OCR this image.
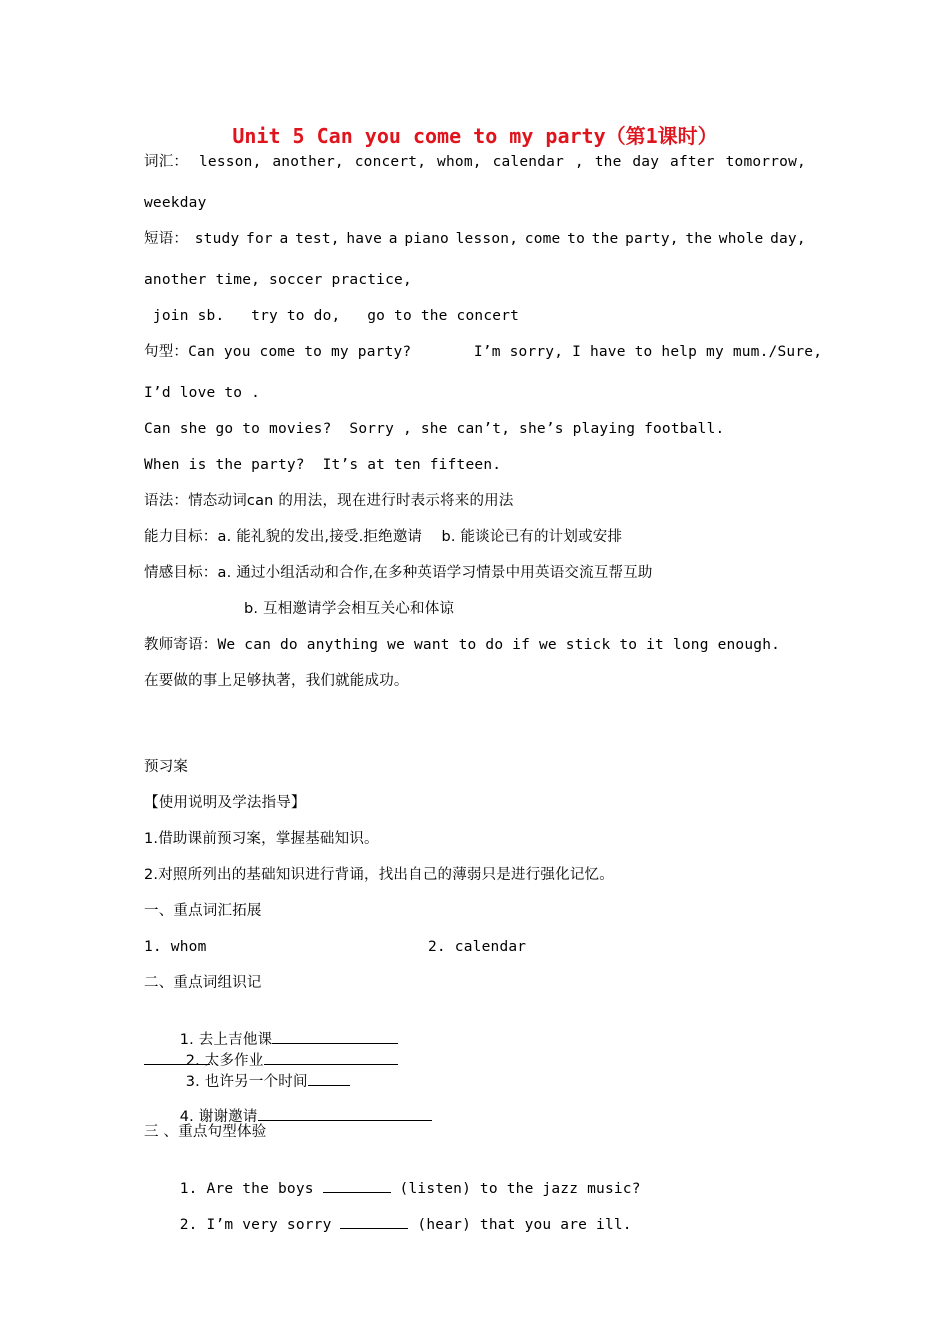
Unit 5 Can you come to my party（第1课时）
词汇： lesson, another, concert, whom, calendar , the day after tomorrow,
weekday
短语： study for a test, have a piano lesson, come to the party, the whole day,
another time, soccer practice,
join sb.   try to do,   go to the concert
句型：Can you come to my party?       I’m sorry, I have to help my mum./Sure,
I’d love to .
Can she go to movies?  Sorry , she can’t, she’s playing football.
When is the party?  It’s at ten fifteen.
语法：情态动词can 的用法，现在进行时表示将来的用法
能力目标：a. 能礼貌的发出,接受.拒绝邀请    b. 能谈论已有的计划或安排
情感目标：a. 通过小组活动和合作,在多种英语学习情景中用英语交流互帮互助
b. 互相邀请学会相互关心和体谅
教师寄语：We can do anything we want to do if we stick to it long enough.
在要做的事上足够执著，我们就能成功。
预习案
【使用说明及学法指导】
1.借助课前预习案，掌握基础知识。
2.对照所列出的基础知识进行背诵，找出自己的薄弱只是进行强化记忆。
一、重点词汇拓展
1. whom	2. calendar
二、重点词组识记

1. 去上吉他课
2. 太多作业
3. 也许另一个时间

4. 谢谢邀请

三 、重点句型体验

1. Are the boys	(listen) to the jazz music?

2. I’m very sorry	(hear) that you are ill.
